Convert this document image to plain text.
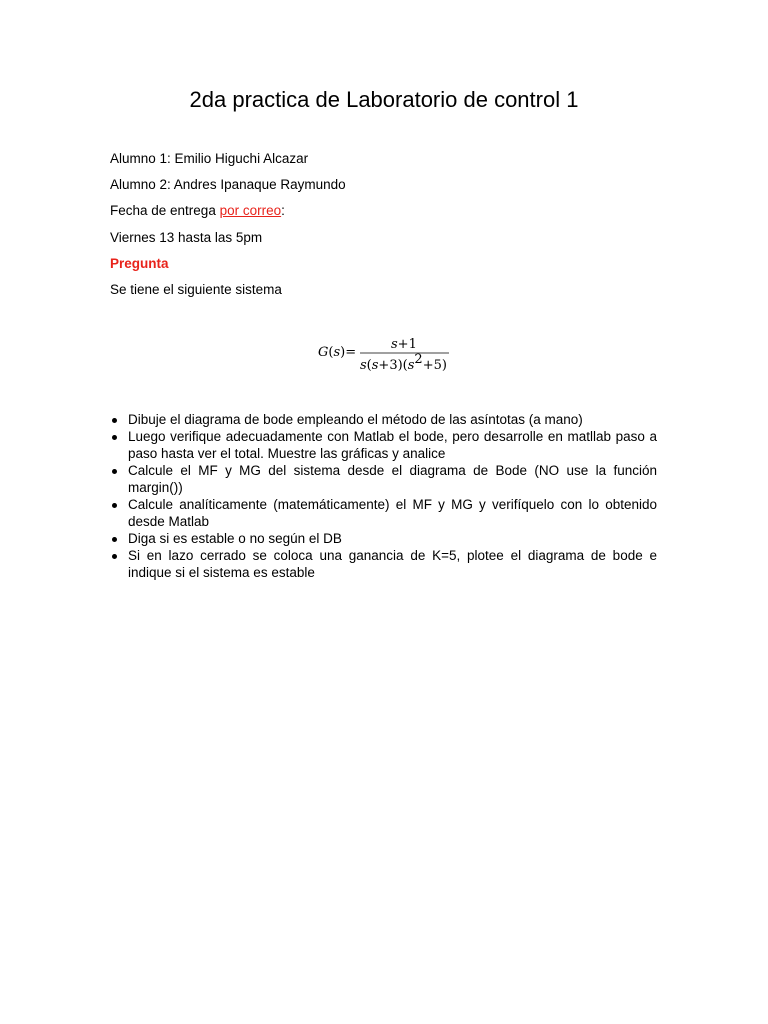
2da practica de Laboratorio de control 1

Alumno 1: Emilio Higuchi Alcazar

Alumno 2: Andres Ipanaque Raymundo

Fecha de entrega por correo:

Viernes 13 hasta las 5pm

Pregunta

Se tiene el siguiente sistema

G(s)=
s+1
s(s+3)(s2+5)
Dibuje el diagrama de bode empleando el método de las asíntotas (a mano)
Luego verifique adecuadamente con Matlab el bode, pero desarrolle en matllab paso a paso hasta ver el total. Muestre las gráficas y analice
Calcule el MF y MG del sistema desde el diagrama de Bode (NO use la función margin())
Calcule analíticamente (matemáticamente) el MF y MG y verifíquelo con lo obtenido desde Matlab
Diga si es estable o no según el DB
Si en lazo cerrado se coloca una ganancia de K=5, plotee el diagrama de bode e indique si el sistema es estable
